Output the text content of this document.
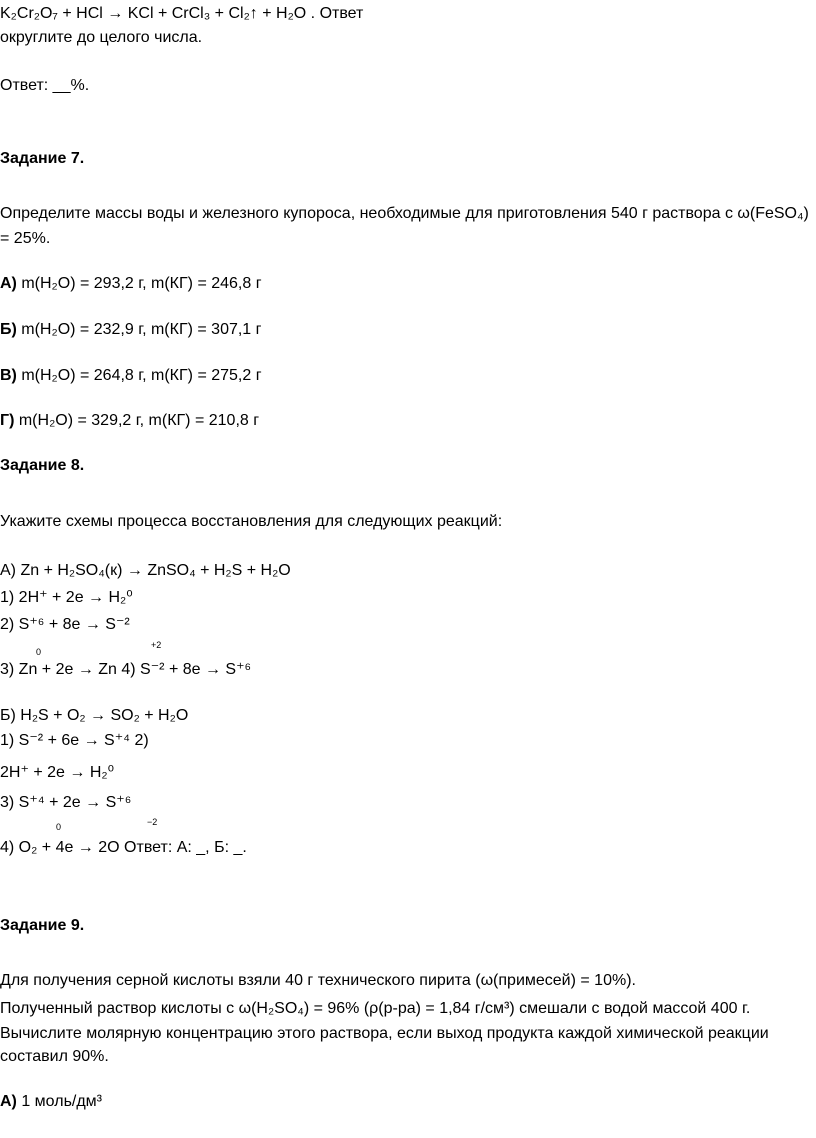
K₂Cr₂O₇ + HCl → KCl + CrCl₃ + Cl₂↑ + H₂O . Ответ
округлите до целого числа.
Ответ: __%.
Задание 7.
Определите массы воды и железного купороса, необходимые для приготовления 540 г раствора с ω(FeSO₄)
= 25%.
А) m(H₂O) = 293,2 г, m(КГ) = 246,8 г
Б) m(H₂O) = 232,9 г, m(КГ) = 307,1 г
В) m(H₂O) = 264,8 г, m(КГ) = 275,2 г
Г) m(H₂O) = 329,2 г, m(КГ) = 210,8 г
Задание 8.
Укажите схемы процесса восстановления для следующих реакций:
А) Zn + H₂SO₄(к) → ZnSO₄ + H₂S + H₂O
1) 2H⁺ + 2e → H₂⁰
2) S⁺⁶ + 8e → S⁻²
0
+2
3) Zn + 2e → Zn 4) S⁻² + 8e → S⁺⁶
Б) H₂S + O₂ → SO₂ + H₂O
1) S⁻² + 6e → S⁺⁴ 2)
2H⁺ + 2e → H₂⁰
3) S⁺⁴ + 2e → S⁺⁶
0	−2
4) O₂ + 4e → 2O Ответ: А: _, Б: _.
Задание 9.
Для получения серной кислоты взяли 40 г технического пирита (ω(примесей) = 10%).
Полученный раствор кислоты с ω(H₂SO₄) = 96% (ρ(р-ра) = 1,84 г/см³) смешали с водой массой 400 г.
Вычислите молярную концентрацию этого раствора, если выход продукта каждой химической реакции
составил 90%.
А) 1 моль/дм³
